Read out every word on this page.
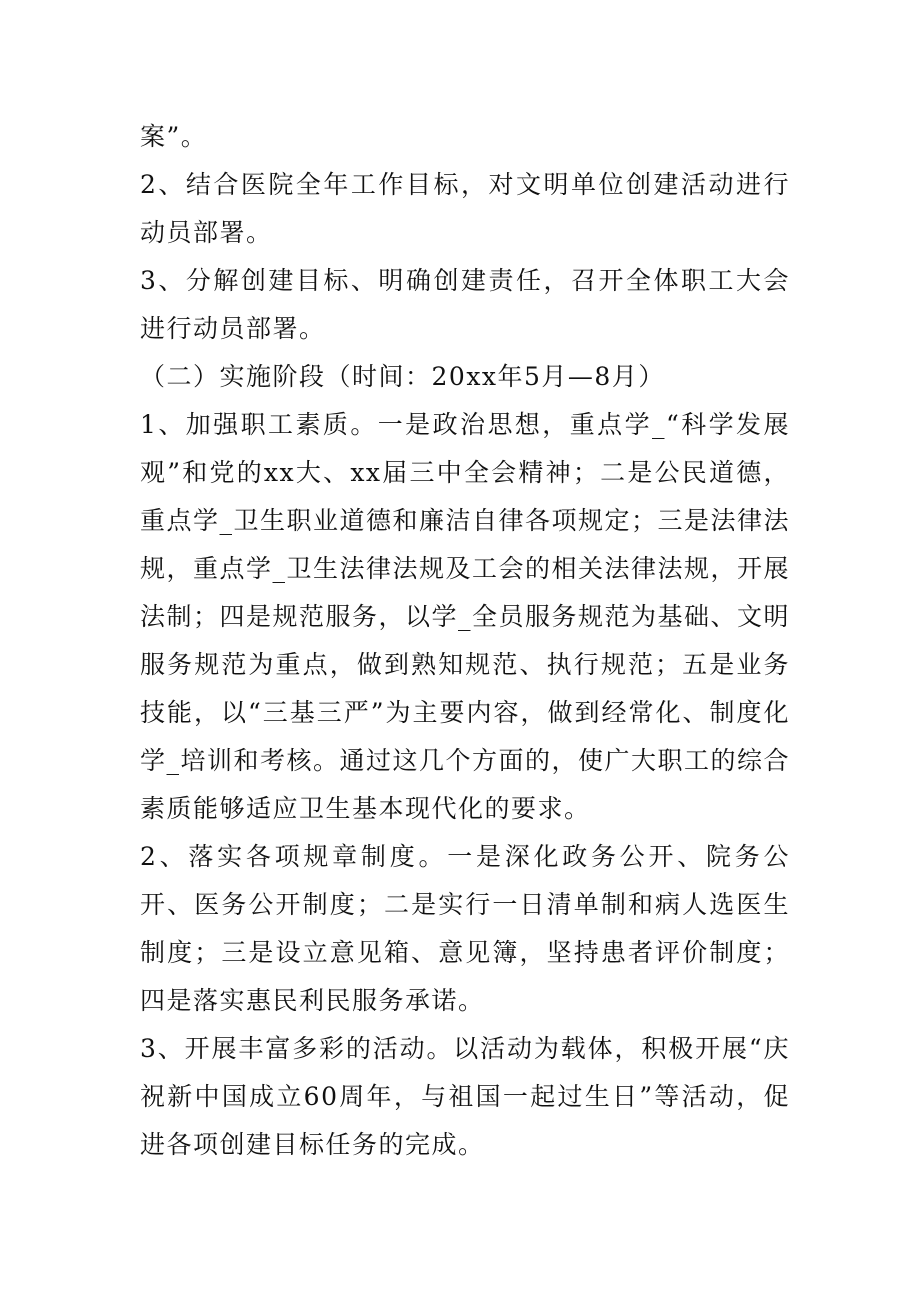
案”。

2、结合医院全年工作目标，对文明单位创建活动进行动员部署。

3、分解创建目标、明确创建责任，召开全体职工大会进行动员部署。

（二）实施阶段（时间：20xx年5月—8月）

1、加强职工素质。一是政治思想，重点学_“科学发展观”和党的xx大、xx届三中全会精神；二是公民道德，重点学_卫生职业道德和廉洁自律各项规定；三是法律法规，重点学_卫生法律法规及工会的相关法律法规，开展法制；四是规范服务，以学_全员服务规范为基础、文明服务规范为重点，做到熟知规范、执行规范；五是业务技能，以“三基三严”为主要内容，做到经常化、制度化学_培训和考核。通过这几个方面的，使广大职工的综合素质能够适应卫生基本现代化的要求。

2、落实各项规章制度。一是深化政务公开、院务公开、医务公开制度；二是实行一日清单制和病人选医生制度；三是设立意见箱、意见簿，坚持患者评价制度；四是落实惠民利民服务承诺。

3、开展丰富多彩的活动。以活动为载体，积极开展“庆祝新中国成立60周年，与祖国一起过生日”等活动，促进各项创建目标任务的完成。
